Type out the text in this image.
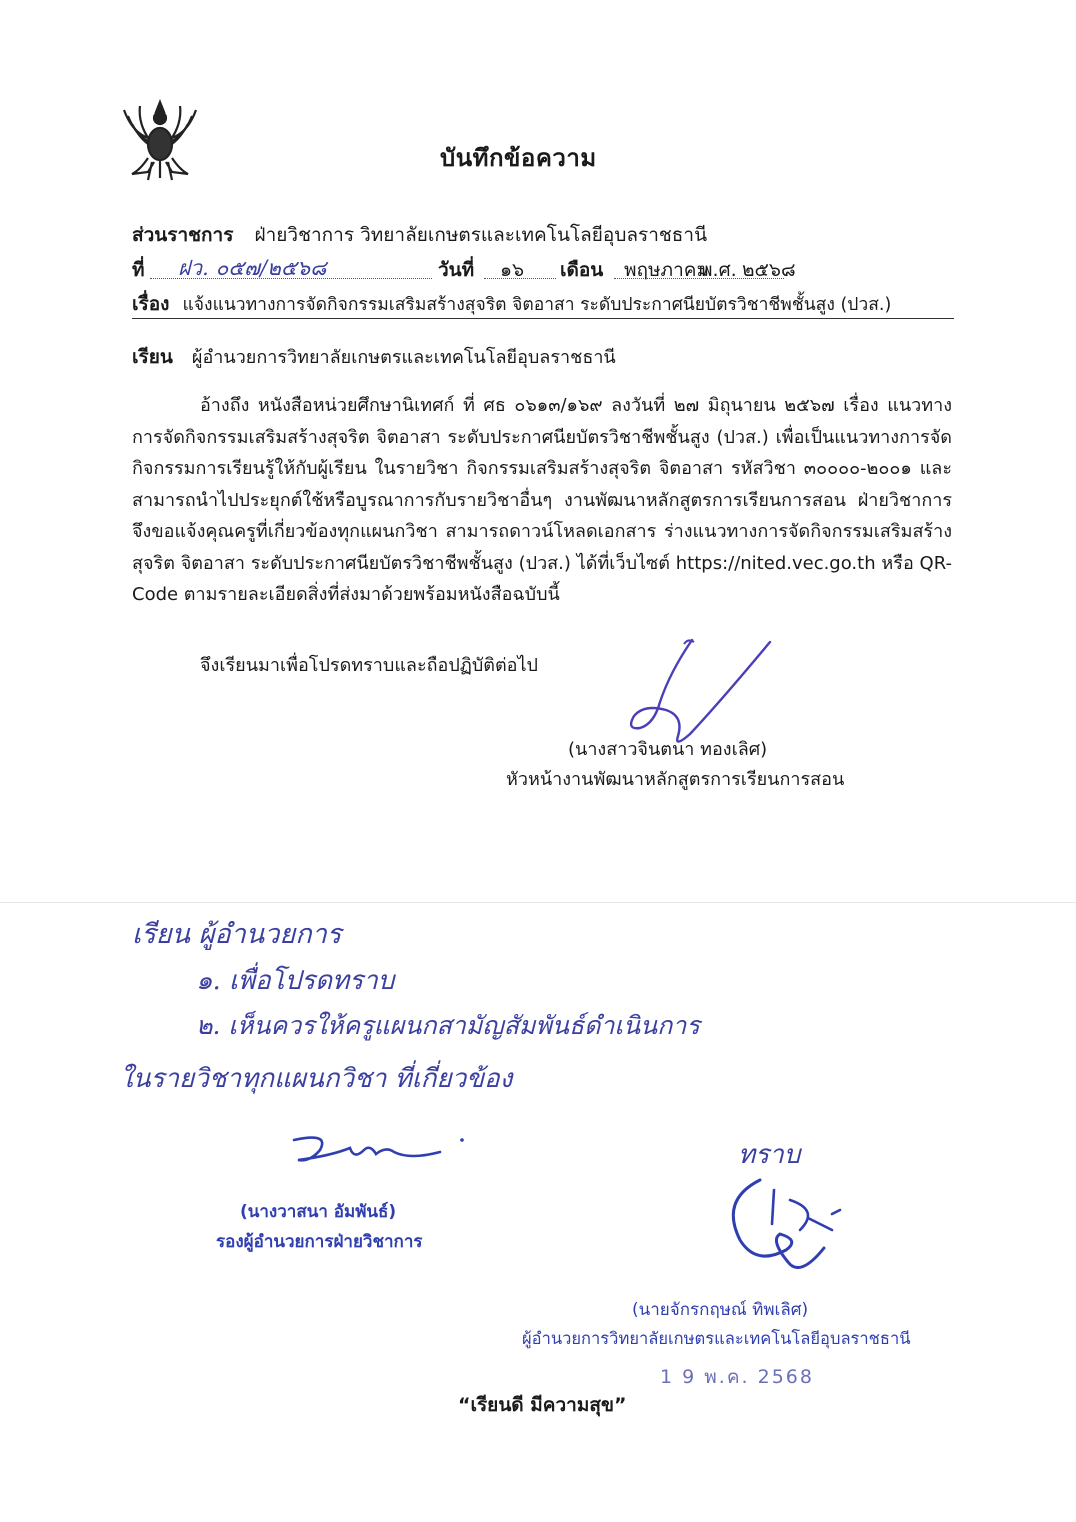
บันทึกข้อความ
ส่วนราชการ ฝ่ายวิชาการ วิทยาลัยเกษตรและเทคโนโลยีอุบลราชธานี
ที่ ฝว. ๐๕๗/๒๕๖๘	วันที่ ๑๖ เดือน พฤษภาคม
พ.ศ. ๒๕๖๘
เรื่อง แจ้งแนวทางการจัดกิจกรรมเสริมสร้างสุจริต จิตอาสา ระดับประกาศนียบัตรวิชาชีพชั้นสูง (ปวส.)
เรียน ผู้อำนวยการวิทยาลัยเกษตรและเทคโนโลยีอุบลราชธานี
อ้างถึง หนังสือหน่วยศึกษานิเทศก์ ที่ ศธ ๐๖๑๓/๑๖๙ ลงวันที่ ๒๗ มิถุนายน ๒๕๖๗ เรื่อง แนวทางการจัดกิจกรรมเสริมสร้างสุจริต จิตอาสา ระดับประกาศนียบัตรวิชาชีพชั้นสูง (ปวส.) เพื่อเป็นแนวทางการจัดกิจกรรมการเรียนรู้ให้กับผู้เรียน ในรายวิชา กิจกรรมเสริมสร้างสุจริต จิตอาสา รหัสวิชา ๓๐๐๐๐-๒๐๐๑ และสามารถนำไปประยุกต์ใช้หรือบูรณาการกับรายวิชาอื่นๆ งานพัฒนาหลักสูตรการเรียนการสอน ฝ่ายวิชาการ จึงขอแจ้งคุณครูที่เกี่ยวข้องทุกแผนกวิชา สามารถดาวน์โหลดเอกสาร ร่างแนวทางการจัดกิจกรรมเสริมสร้างสุจริต จิตอาสา ระดับประกาศนียบัตรวิชาชีพชั้นสูง (ปวส.) ได้ที่เว็บไซต์ https://nited.vec.go.th หรือ QR-Code ตามรายละเอียดสิ่งที่ส่งมาด้วยพร้อมหนังสือฉบับนี้
จึงเรียนมาเพื่อโปรดทราบและถือปฏิบัติต่อไป
(นางสาวจินตนา ทองเลิศ)
หัวหน้างานพัฒนาหลักสูตรการเรียนการสอน
เรียน ผู้อำนวยการ
๑. เพื่อโปรดทราบ
๒. เห็นควรให้ครูแผนกสามัญสัมพันธ์ดำเนินการ
ในรายวิชาทุกแผนกวิชา ที่เกี่ยวข้อง
(นางวาสนา อัมพันธ์)
รองผู้อำนวยการฝ่ายวิชาการ
ทราบ
(นายจักรกฤษณ์ ทิพเลิศ)
ผู้อำนวยการวิทยาลัยเกษตรและเทคโนโลยีอุบลราชธานี
1 9 พ.ค. 2568
“เรียนดี มีความสุข”
